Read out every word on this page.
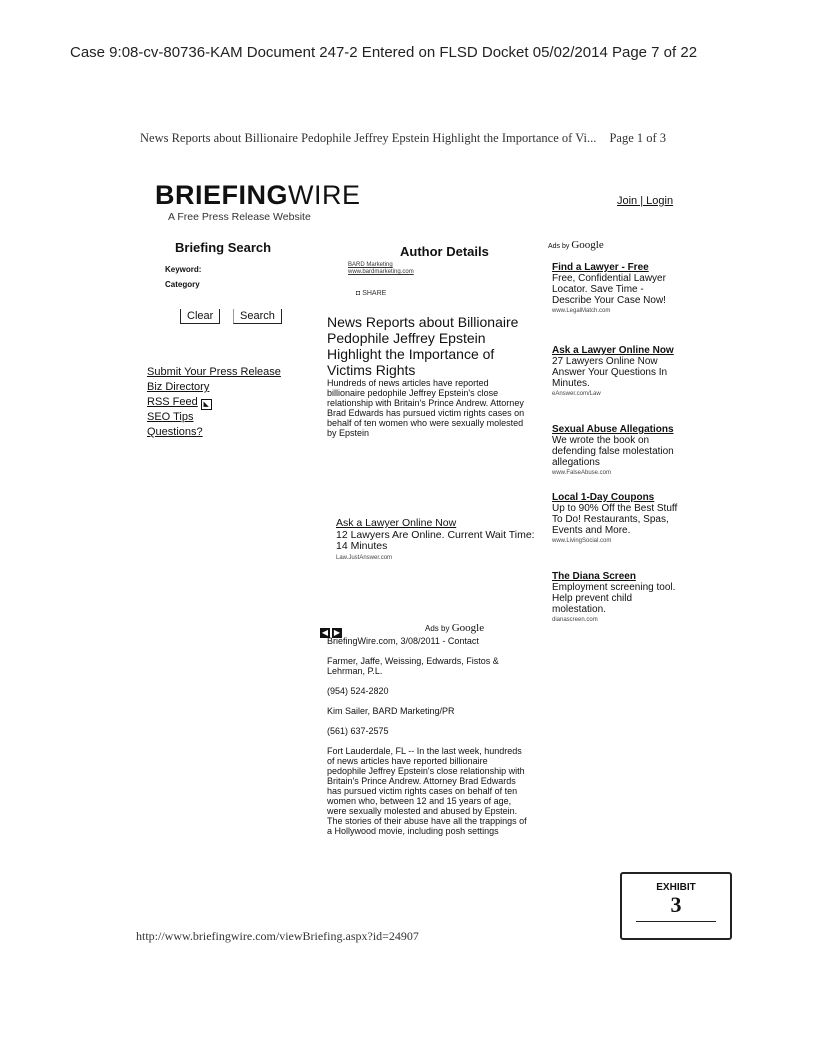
Case 9:08-cv-80736-KAM Document 247-2 Entered on FLSD Docket 05/02/2014 Page 7 of 22
News Reports about Billionaire Pedophile Jeffrey Epstein Highlight the Importance of Vi... Page 1 of 3
BRIEFINGWIRE
A Free Press Release Website
Join | Login
Briefing Search
Keyword:
Category
Clear	Search
Submit Your Press Release
Biz Directory
RSS Feed ◣
SEO Tips
Questions?
Author Details
BARD Marketing
www.bardmarketing.com
◘ SHARE
News Reports about Billionaire Pedophile Jeffrey Epstein Highlight the Importance of Victims Rights
Hundreds of news articles have reported billionaire pedophile Jeffrey Epstein's close relationship with Britain's Prince Andrew. Attorney Brad Edwards has pursued victim rights cases on behalf of ten women who were sexually molested by Epstein
Ask a Lawyer Online Now
12 Lawyers Are Online. Current Wait Time: 14 Minutes
Law.JustAnswer.com
◀ ▶	Ads by Google

BriefingWire.com, 3/08/2011 - Contact

Farmer, Jaffe, Weissing, Edwards, Fistos & Lehrman, P.L.

(954) 524-2820

Kim Sailer, BARD Marketing/PR

(561) 637-2575

Fort Lauderdale, FL -- In the last week, hundreds of news articles have reported billionaire pedophile Jeffrey Epstein's close relationship with Britain's Prince Andrew. Attorney Brad Edwards has pursued victim rights cases on behalf of ten women who, between 12 and 15 years of age, were sexually molested and abused by Epstein. The stories of their abuse have all the trappings of a Hollywood movie, including posh settings

Ads by Google
Find a Lawyer - Free
Free, Confidential Lawyer Locator. Save Time - Describe Your Case Now!
www.LegalMatch.com
Ask a Lawyer Online Now
27 Lawyers Online Now Answer Your Questions In Minutes.
eAnswer.com/Law
Sexual Abuse Allegations
We wrote the book on defending false molestation allegations
www.FalseAbuse.com
Local 1-Day Coupons
Up to 90% Off the Best Stuff To Do! Restaurants, Spas, Events and More.
www.LivingSocial.com
The Diana Screen
Employment screening tool. Help prevent child molestation.
dianascreen.com
EXHIBIT
3
http://www.briefingwire.com/viewBriefing.aspx?id=24907
